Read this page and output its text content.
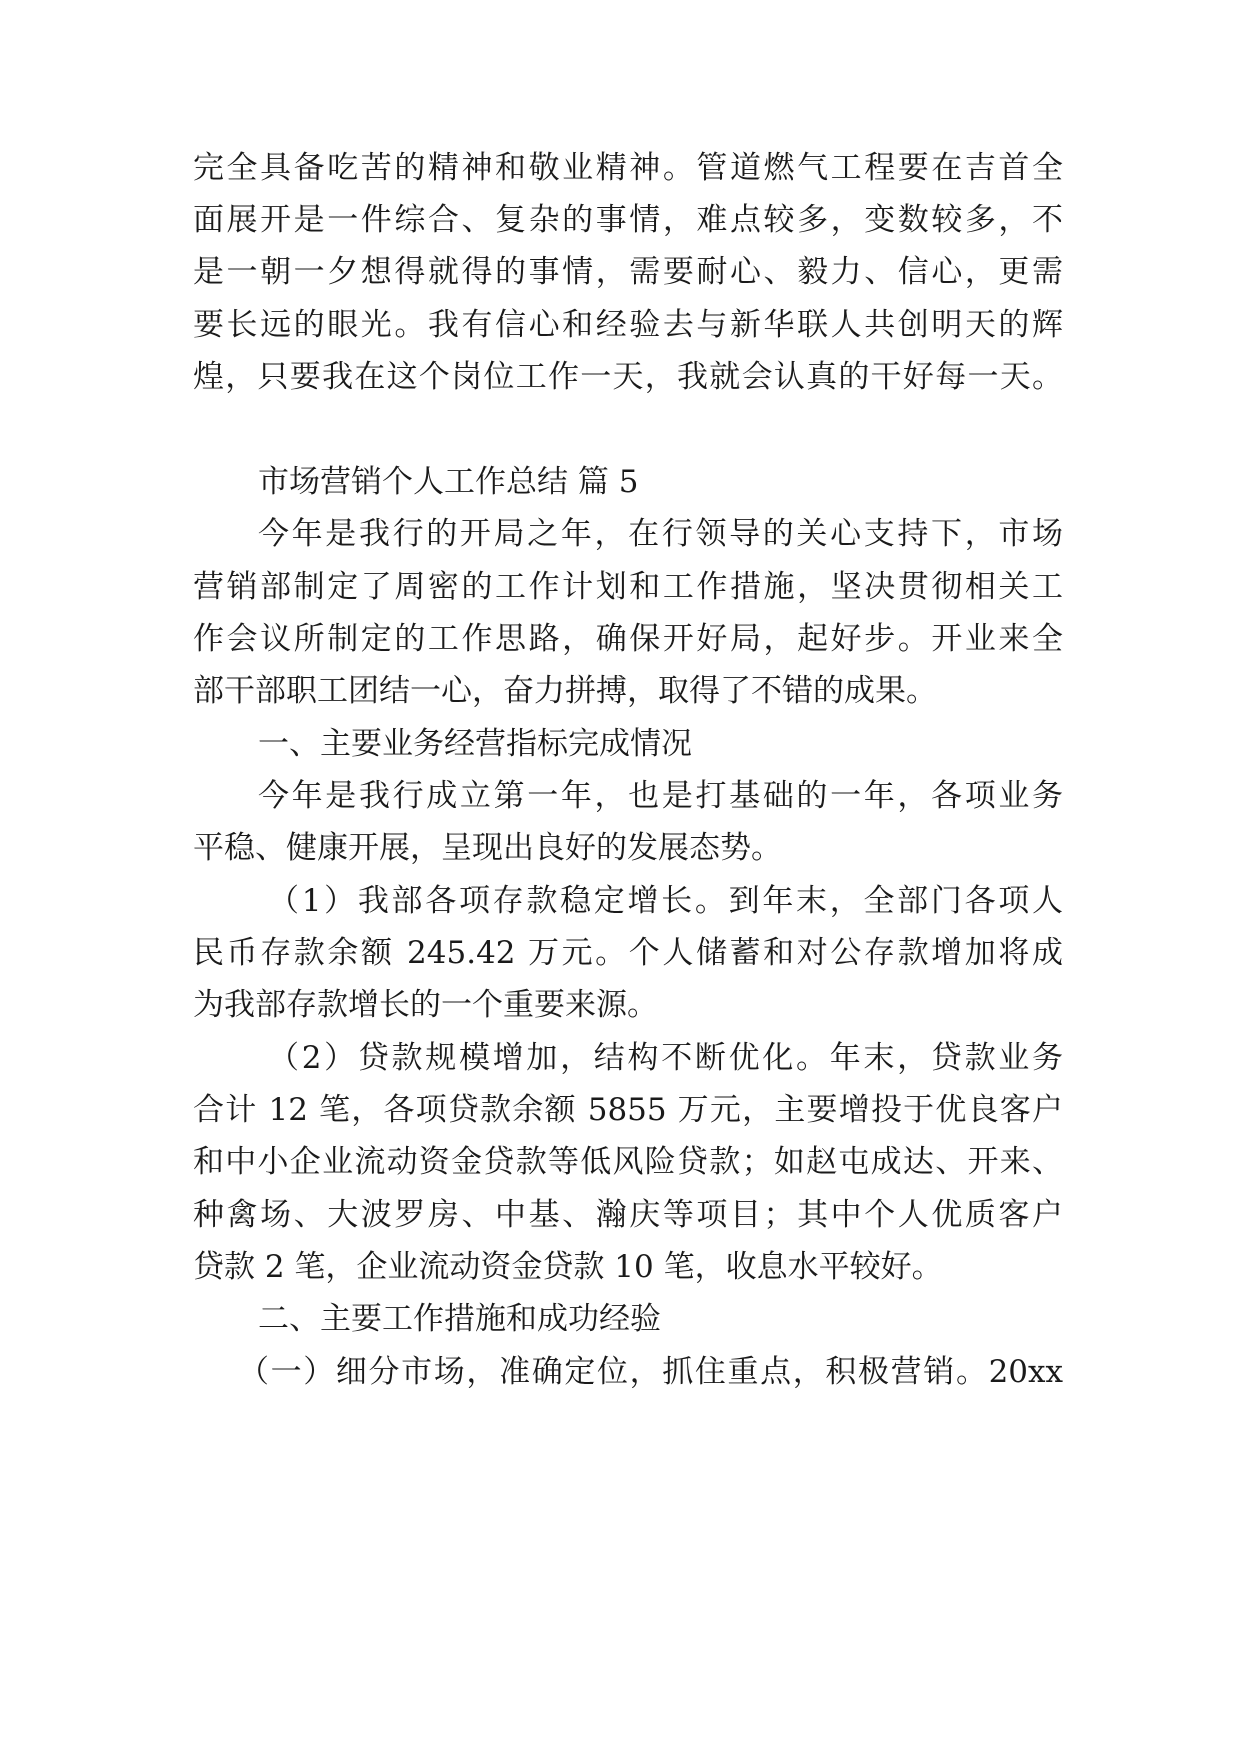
完全具备吃苦的精神和敬业精神。管道燃气工程要在吉首全
面展开是一件综合、复杂的事情，难点较多，变数较多，不
是一朝一夕想得就得的事情，需要耐心、毅力、信心，更需
要长远的眼光。我有信心和经验去与新华联人共创明天的辉
煌，只要我在这个岗位工作一天，我就会认真的干好每一天。
市场营销个人工作总结 篇 5
今年是我行的开局之年，在行领导的关心支持下，市场
营销部制定了周密的工作计划和工作措施，坚决贯彻相关工
作会议所制定的工作思路，确保开好局，起好步。开业来全
部干部职工团结一心，奋力拼搏，取得了不错的成果。
一、主要业务经营指标完成情况
今年是我行成立第一年，也是打基础的一年，各项业务
平稳、健康开展，呈现出良好的发展态势。
（1）我部各项存款稳定增长。到年末，全部门各项人
民币存款余额 245.42 万元。个人储蓄和对公存款增加将成
为我部存款增长的一个重要来源。
（2）贷款规模增加，结构不断优化。年末，贷款业务
合计 12 笔，各项贷款余额 5855 万元，主要增投于优良客户
和中小企业流动资金贷款等低风险贷款；如赵屯成达、开来、
种禽场、大波罗房、中基、瀚庆等项目；其中个人优质客户
贷款 2 笔，企业流动资金贷款 10 笔，收息水平较好。
二、主要工作措施和成功经验
（一）细分市场，准确定位，抓住重点，积极营销。20xx
